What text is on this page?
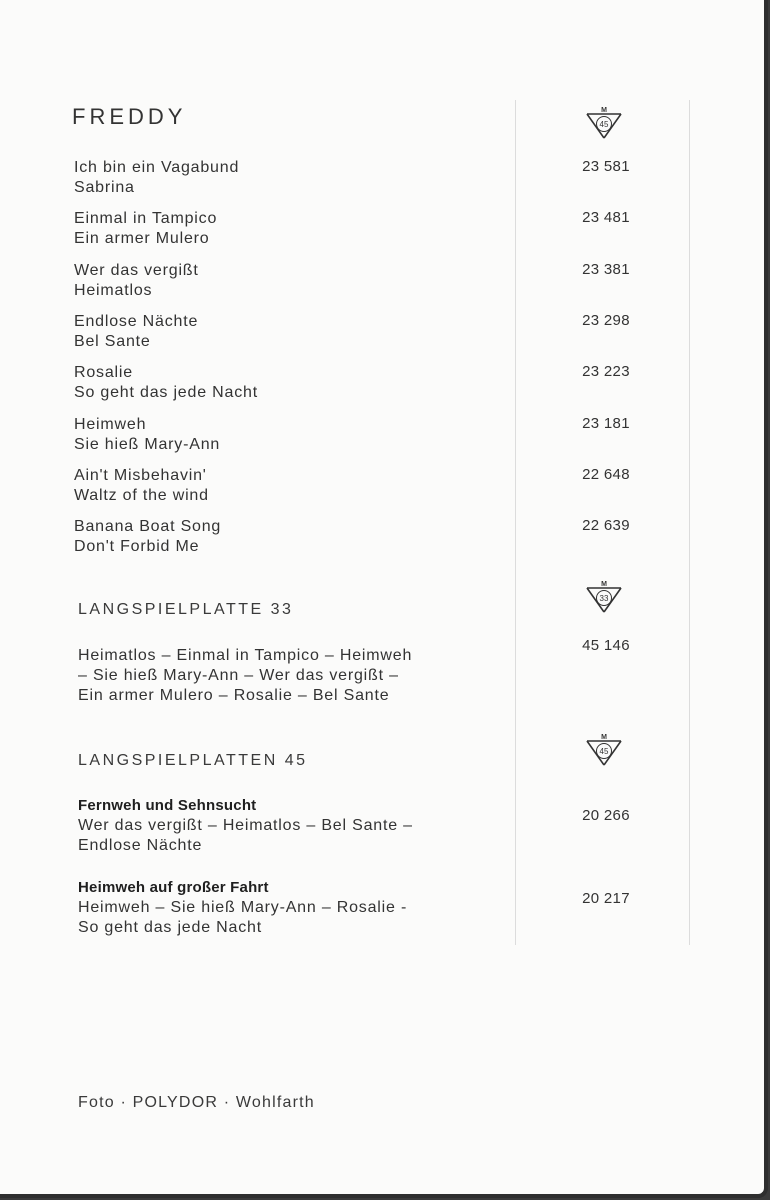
FREDDY	M
45
Ich bin ein Vagabund
Sabrina
Einmal in Tampico
Ein armer Mulero
Wer das vergißt
Heimatlos
Endlose Nächte
Bel Sante
Rosalie
So geht das jede Nacht
Heimweh
Sie hieß Mary-Ann
Ain't Misbehavin'
Waltz of the wind
Banana Boat Song
Don't Forbid Me
LANGSPIELPLATTE 33
M
33
Heimatlos – Einmal in Tampico – Heimweh
– Sie hieß Mary-Ann – Wer das vergißt –
Ein armer Mulero – Rosalie – Bel Sante
45 146
LANGSPIELPLATTEN 45
M
45
Fernweh und Sehnsucht
Wer das vergißt – Heimatlos – Bel Sante –
Endlose Nächte
20 266
Heimweh auf großer Fahrt
Heimweh – Sie hieß Mary-Ann – Rosalie -
So geht das jede Nacht
20 217
Foto · POLYDOR · Wohlfarth
23 581
23 481
23 381
23 298
23 223
23 181
22 648
22 639
